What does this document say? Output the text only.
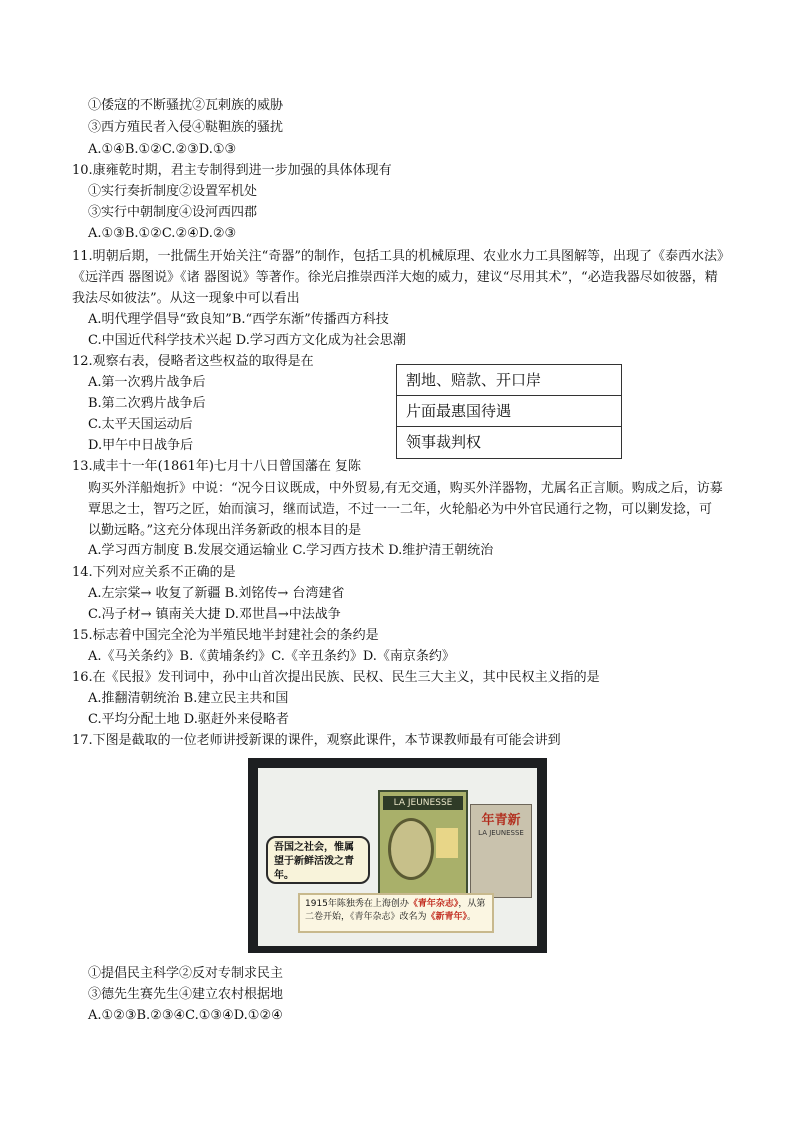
①倭寇的不断骚扰②瓦剌族的威胁
③西方殖民者入侵④鞑靼族的骚扰
A.①④B.①②C.②③D.①③
10.康雍乾时期，君主专制得到进一步加强的具体体现有
①实行奏折制度②设置军机处
③实行中朝制度④设河西四郡
A.①③B.①②C.②④D.②③
11.明朝后期，一批儒生开始关注“奇器”的制作，包括工具的机械原理、农业水力工具图解等，出现了《泰西水法》《远洋西 器图说》《诸 器图说》等著作。徐光启推崇西洋大炮的威力，建议“尽用其术”，“必造我器尽如彼器，精我法尽如彼法”。从这一现象中可以看出
A.明代理学倡导“致良知”B.“西学东渐”传播西方科技
C.中国近代科学技术兴起 D.学习西方文化成为社会思潮
12.观察右表，侵略者这些权益的取得是在
A.第一次鸦片战争后
B.第二次鸦片战争后
C.太平天国运动后
D.甲午中日战争后
割地、赔款、开口岸
片面最惠国待遇
领事裁判权
13.咸丰十一年(1861年)七月十八日曾国藩在 复陈
购买外洋船炮折》中说：“况今日议既成，中外贸易,有无交通，购买外洋器物，尤属名正言顺。购成之后，访募覃思之士，智巧之匠，始而演习，继而试造，不过一一二年，火轮船必为中外官民通行之物，可以剿发捻，可以勤远略。”这充分体现出洋务新政的根本目的是
A.学习西方制度 B.发展交通运输业 C.学习西方技术 D.维护清王朝统治
14.下列对应关系不正确的是
A.左宗棠→ 收复了新疆 B.刘铭传→ 台湾建省
C.冯子材→ 镇南关大捷 D.邓世昌→中法战争
15.标志着中国完全沦为半殖民地半封建社会的条约是
A.《马关条约》B.《黄埔条约》C.《辛丑条约》D.《南京条约》
16.在《民报》发刊词中，孙中山首次提出民族、民权、民生三大主义，其中民权主义指的是
A.推翻清朝统治 B.建立民主共和国
C.平均分配土地 D.驱赶外来侵略者
17.下图是截取的一位老师讲授新课的课件，观察此课件，本节课教师最有可能会讲到
LA JEUNESSE
年青新
LA JEUNESSE
吾国之社会，惟属望于新鲜活泼之青年。
1915年陈独秀在上海创办《青年杂志》，从第二卷开始，《青年杂志》改名为《新青年》。
①提倡民主科学②反对专制求民主
③德先生赛先生④建立农村根据地
A.①②③B.②③④C.①③④D.①②④
